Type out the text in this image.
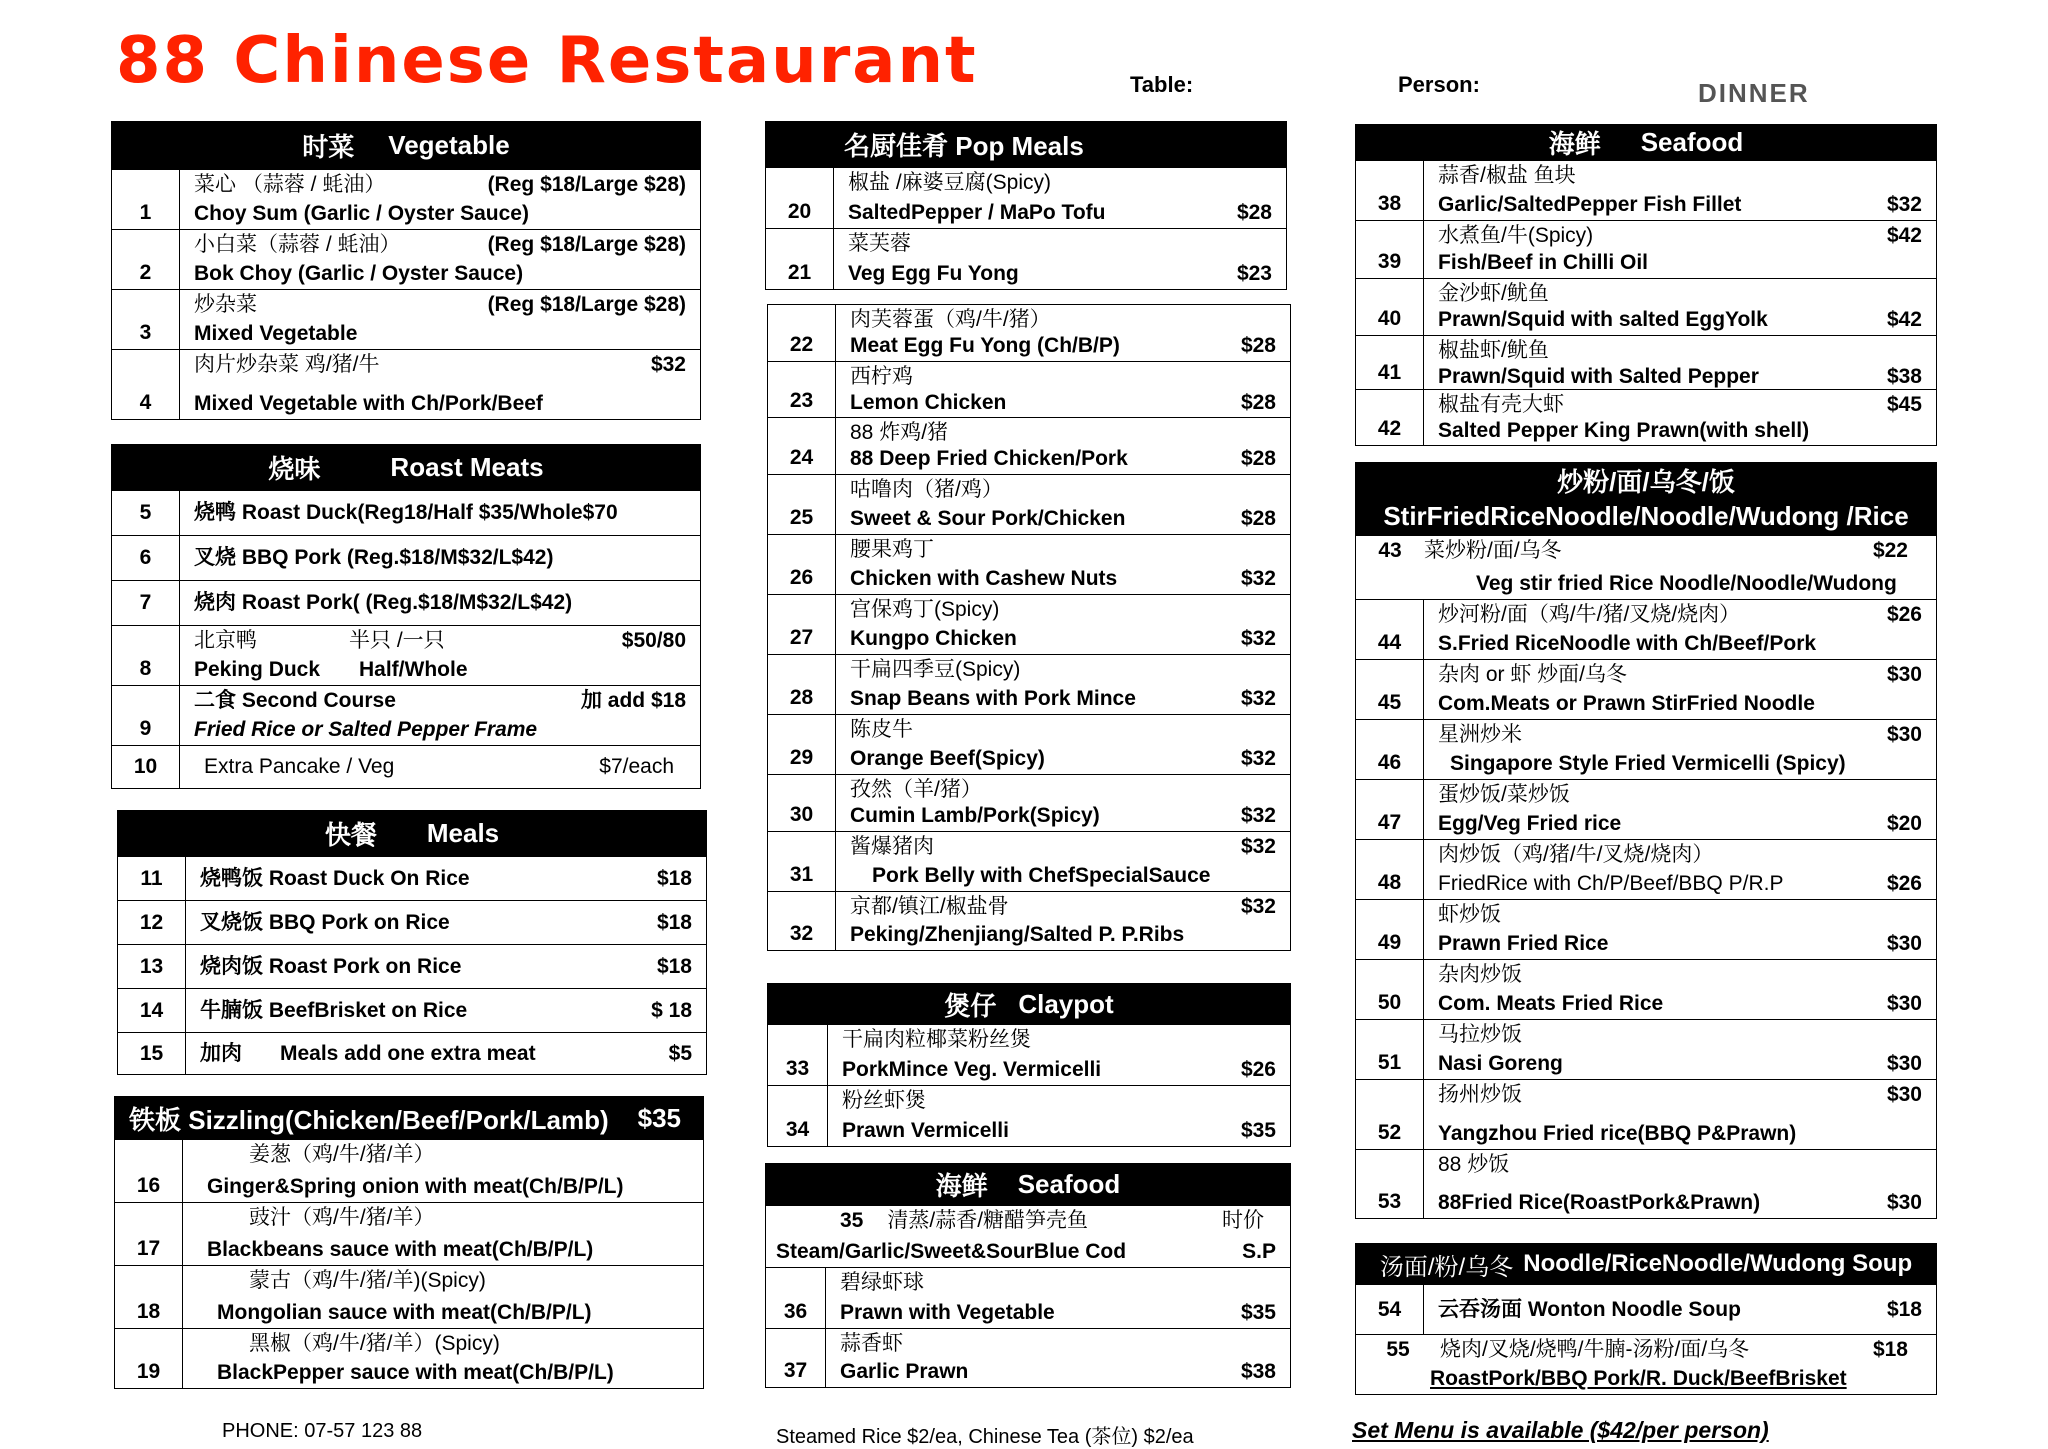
88 Chinese Restaurant	Table:	Person:	DINNER
时菜 Vegetable
1
菜心 （蒜蓉 / 蚝油）	(Reg $18/Large $28)
Choy Sum (Garlic / Oyster Sauce)
2
小白菜（蒜蓉 / 蚝油）	(Reg $18/Large $28)
Bok Choy (Garlic / Oyster Sauce)
3
炒杂菜	(Reg $18/Large $28)
Mixed Vegetable
4
肉片炒杂菜 鸡/猪/牛	$32
Mixed Vegetable with Ch/Pork/Beef
烧味	Roast Meats
5	烧鸭 Roast Duck(Reg18/Half $35/Whole$70
6	叉烧 BBQ Pork (Reg.$18/M$32/L$42)
7	烧肉 Roast Pork( (Reg.$18/M$32/L$42)
8
北京鸭	半只 /一只	$50/80
Peking Duck	Half/Whole
9
二食 Second Course	加 add $18
Fried Rice or Salted Pepper Frame
10	Extra Pancake / Veg	$7/each
快餐 Meals
11	烧鸭饭 Roast Duck On Rice	$18
12	叉烧饭 BBQ Pork on Rice	$18
13	烧肉饭 Roast Pork on Rice	$18
14	牛腩饭 BeefBrisket on Rice	$ 18
15	加肉 Meals add one extra meat	$5
铁板 Sizzling(Chicken/Beef/Pork/Lamb) $35
16
姜葱（鸡/牛/猪/羊）
Ginger&Spring onion with meat(Ch/B/P/L)
17
豉汁（鸡/牛/猪/羊）
Blackbeans sauce with meat(Ch/B/P/L)
18
蒙古（鸡/牛/猪/羊)(Spicy)
Mongolian sauce with meat(Ch/B/P/L)
19
黑椒（鸡/牛/猪/羊）(Spicy)
BlackPepper sauce with meat(Ch/B/P/L)
名厨佳肴 Pop Meals
20
椒盐 /麻婆豆腐(Spicy)
SaltedPepper / MaPo Tofu	$28
21
菜芙蓉
Veg Egg Fu Yong	$23
22
肉芙蓉蛋（鸡/牛/猪）
Meat Egg Fu Yong (Ch/B/P)	$28
23
西柠鸡
Lemon Chicken	$28
24
88 炸鸡/猪
88 Deep Fried Chicken/Pork	$28
25
咕噜肉（猪/鸡）
Sweet & Sour Pork/Chicken	$28
26
腰果鸡丁
Chicken with Cashew Nuts	$32
27
宫保鸡丁(Spicy)
Kungpo Chicken	$32
28
干扁四季豆(Spicy)
Snap Beans with Pork Mince	$32
29
陈皮牛
Orange Beef(Spicy)	$32
30
孜然（羊/猪）
Cumin Lamb/Pork(Spicy)	$32
31
酱爆猪肉	$32
Pork Belly with ChefSpecialSauce
32
京都/镇江/椒盐骨	$32
Peking/Zhenjiang/Salted P. P.Ribs
煲仔 Claypot
33
干扁肉粒椰菜粉丝煲
PorkMince Veg. Vermicelli	$26
34
粉丝虾煲
Prawn Vermicelli	$35
海鲜 Seafood
35 清蒸/蒜香/糖醋笋壳鱼	时价
Steam/Garlic/Sweet&SourBlue Cod	S.P
36
碧绿虾球
Prawn with Vegetable	$35
37
蒜香虾
Garlic Prawn	$38
海鲜 Seafood
38
蒜香/椒盐 鱼块
Garlic/SaltedPepper Fish Fillet	$32
39
水煮鱼/牛(Spicy)	$42
Fish/Beef in Chilli Oil
40
金沙虾/鱿鱼
Prawn/Squid with salted EggYolk	$42
41
椒盐虾/鱿鱼
Prawn/Squid with Salted Pepper	$38
42
椒盐有壳大虾	$45
Salted Pepper King Prawn(with shell)
炒粉/面/乌冬/饭
StirFriedRiceNoodle/Noodle/Wudong /Rice
43 菜炒粉/面/乌冬	$22
Veg stir fried Rice Noodle/Noodle/Wudong
44
炒河粉/面（鸡/牛/猪/叉烧/烧肉）	$26
S.Fried RiceNoodle with Ch/Beef/Pork
45
杂肉 or 虾 炒面/乌冬	$30
Com.Meats or Prawn StirFried Noodle
46
星洲炒米	$30
Singapore Style Fried Vermicelli (Spicy)
47
蛋炒饭/菜炒饭
Egg/Veg Fried rice	$20
48
肉炒饭（鸡/猪/牛/叉烧/烧肉）
FriedRice with Ch/P/Beef/BBQ P/R.P	$26
49
虾炒饭
Prawn Fried Rice	$30
50
杂肉炒饭
Com. Meats Fried Rice	$30
51
马拉炒饭
Nasi Goreng	$30
52
扬州炒饭	$30
Yangzhou Fried rice(BBQ P&Prawn)
53
88 炒饭
88Fried Rice(RoastPork&Prawn)	$30
汤面/粉/乌冬 Noodle/RiceNoodle/Wudong Soup
54	云吞汤面 Wonton Noodle Soup	$18
55 烧肉/叉烧/烧鸭/牛腩-汤粉/面/乌冬	$18
RoastPork/BBQ Pork/R. Duck/BeefBrisket
PHONE: 07-57 123 88	Steamed Rice $2/ea, Chinese Tea (茶位) $2/ea	Set Menu is available ($42/per person)
